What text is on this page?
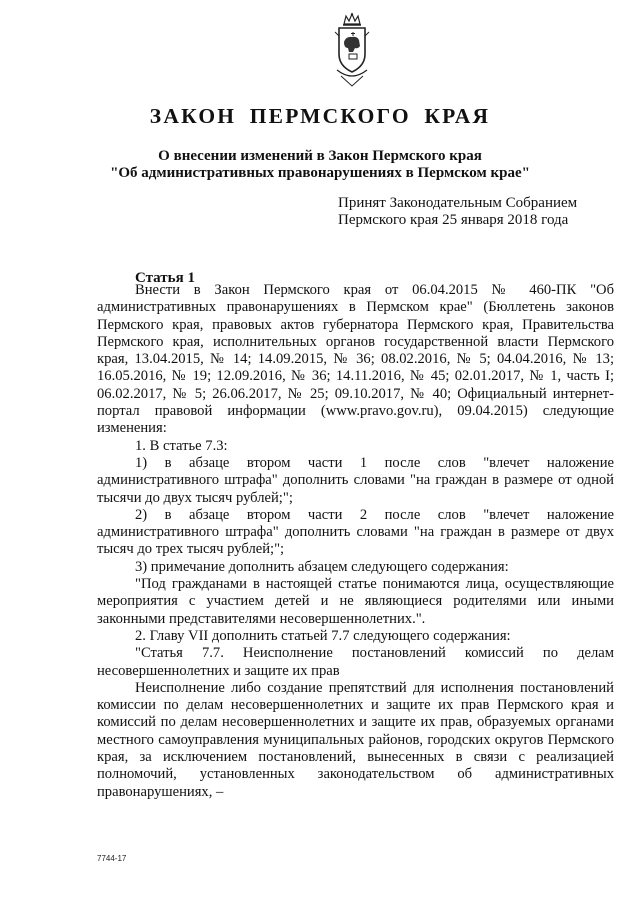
ЗАКОН ПЕРМСКОГО КРАЯ
О внесении изменений в Закон Пермского края
"Об административных правонарушениях в Пермском крае"
Принят Законодательным Собранием
Пермского края 25 января 2018 года
Статья 1

Внести в Закон Пермского края от 06.04.2015 № 460-ПК "Об административных правонарушениях в Пермском крае" (Бюллетень законов Пермского края, правовых актов губернатора Пермского края, Правительства Пермского края, исполнительных органов государственной власти Пермского края, 13.04.2015, № 14; 14.09.2015, № 36; 08.02.2016, № 5; 04.04.2016, № 13; 16.05.2016, № 19; 12.09.2016, № 36; 14.11.2016, № 45; 02.01.2017, № 1, часть I; 06.02.2017, № 5; 26.06.2017, № 25; 09.10.2017, № 40; Официальный интернет-портал правовой информации (www.pravo.gov.ru), 09.04.2015) следующие изменения:

1. В статье 7.3:

1) в абзаце втором части 1 после слов "влечет наложение административного штрафа" дополнить словами "на граждан в размере от одной тысячи до двух тысяч рублей;";

2) в абзаце втором части 2 после слов "влечет наложение административного штрафа" дополнить словами "на граждан в размере от двух тысяч до трех тысяч рублей;";

3) примечание дополнить абзацем следующего содержания:

"Под гражданами в настоящей статье понимаются лица, осуществляющие мероприятия с участием детей и не являющиеся родителями или иными законными представителями несовершеннолетних.".

2. Главу VII дополнить статьей 7.7 следующего содержания:

"Статья 7.7. Неисполнение постановлений комиссий по делам несовершеннолетних и защите их прав

Неисполнение либо создание препятствий для исполнения постановлений комиссии по делам несовершеннолетних и защите их прав Пермского края и комиссий по делам несовершеннолетних и защите их прав, образуемых органами местного самоуправления муниципальных районов, городских округов Пермского края, за исключением постановлений, вынесенных в связи с реализацией полномочий, установленных законодательством об административных правонарушениях, –

7744-17
